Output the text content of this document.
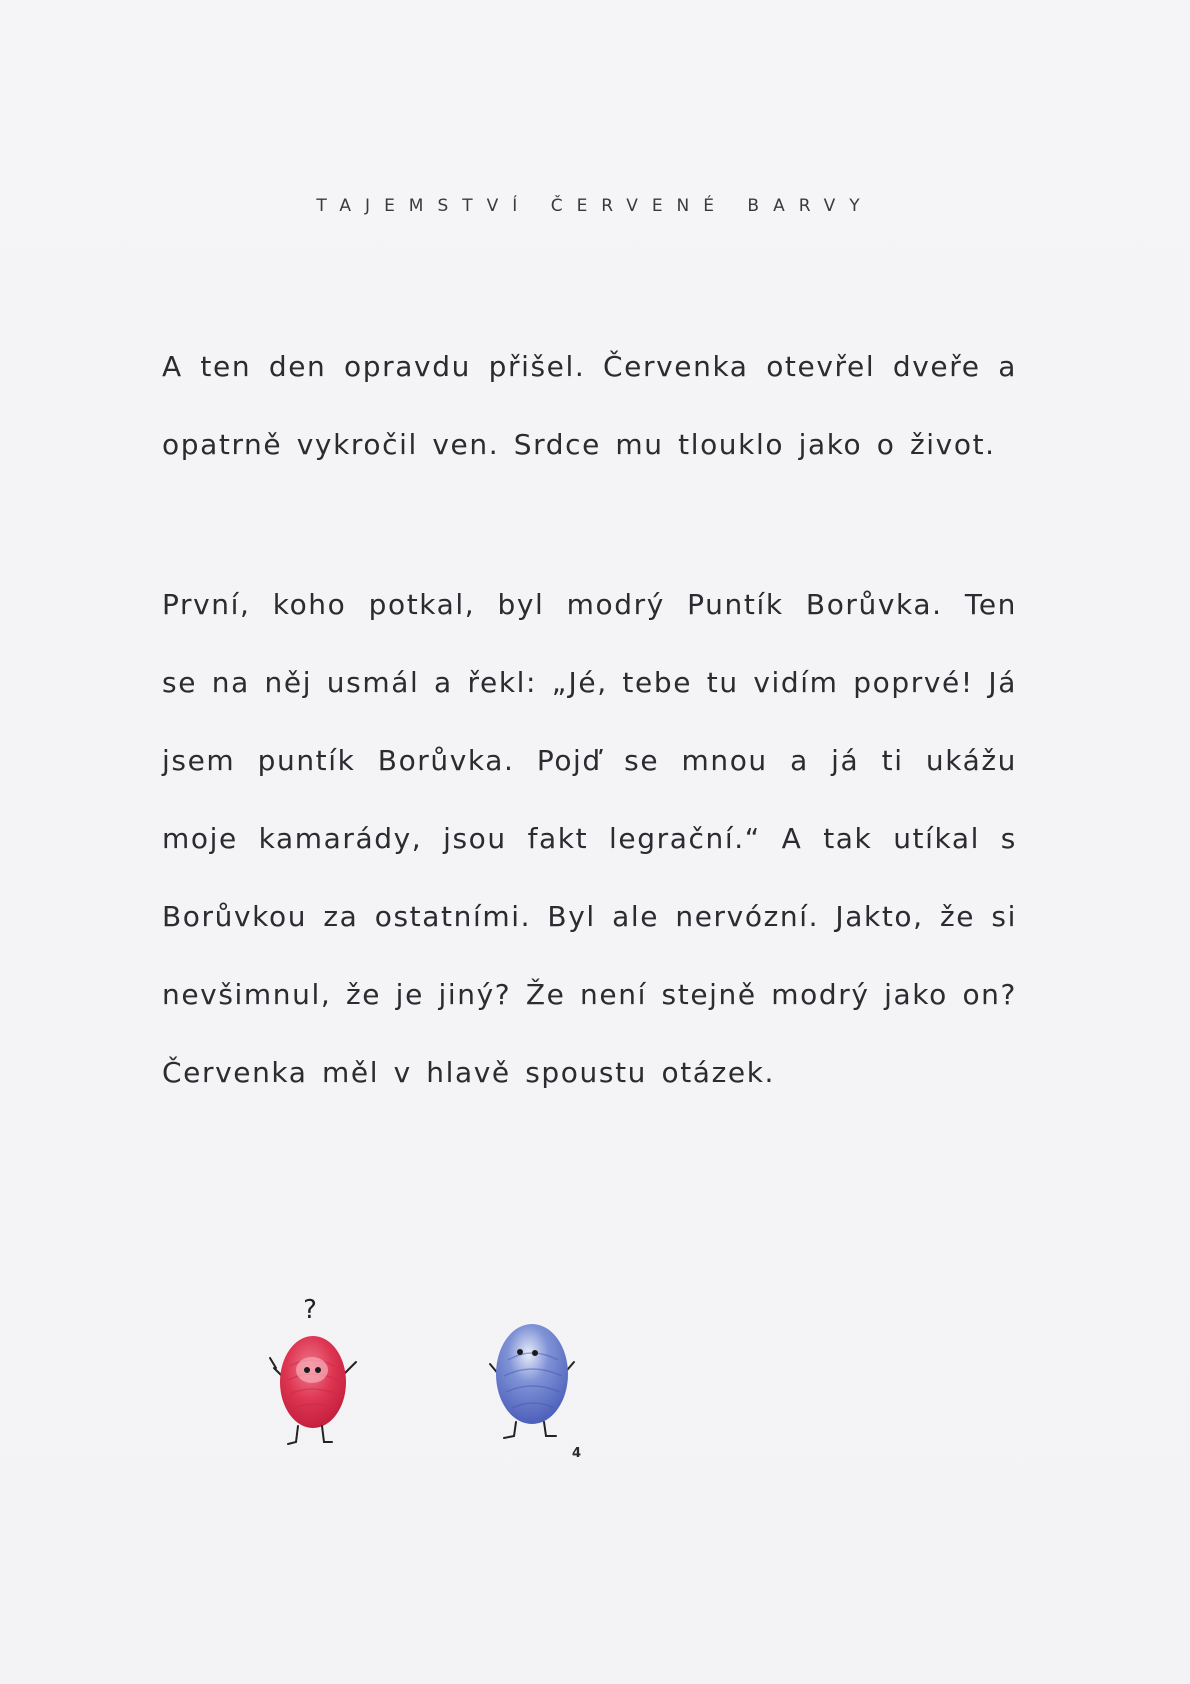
TAJEMSTVÍ ČERVENÉ BARVY
A ten den opravdu přišel. Červenka otevřel dveře a
opatrně vykročil ven. Srdce mu tlouklo jako o život.
První, koho potkal, byl modrý Puntík Borůvka. Ten
se na něj usmál a řekl: „Jé, tebe tu vidím poprvé! Já
jsem puntík Borůvka. Pojď se mnou a já ti ukážu
moje kamarády, jsou fakt legrační.“ A tak utíkal s
Borůvkou za ostatními. Byl ale nervózní. Jakto, že si
nevšimnul, že je jiný? Že není stejně modrý jako on?
Červenka měl v hlavě spoustu otázek.
?
4
